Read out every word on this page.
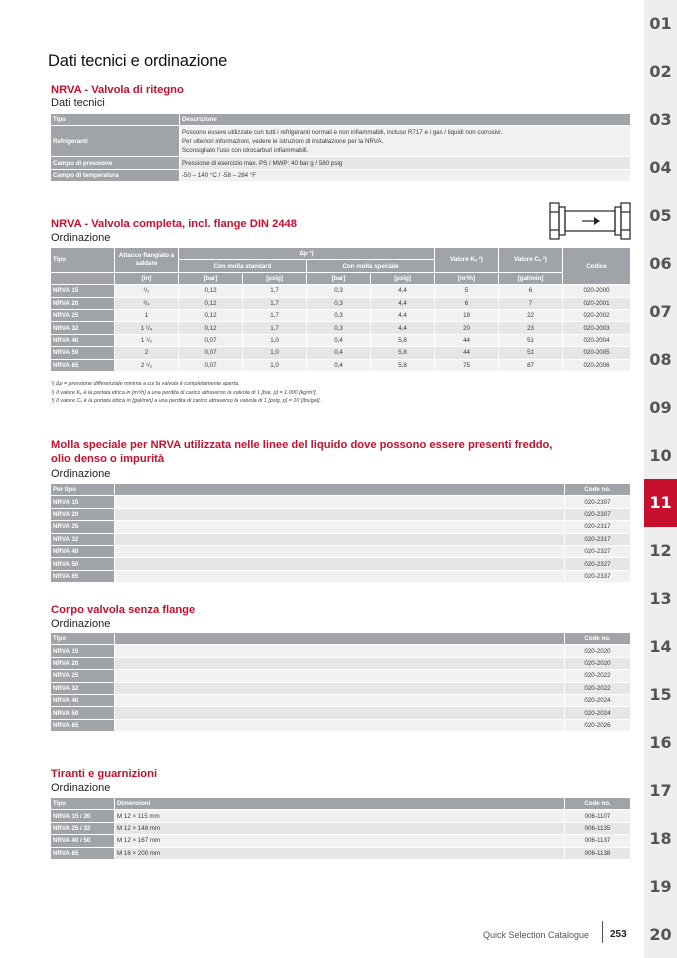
Dati tecnici e ordinazione
01
02
03
04
05
06
07
08
09
10
11
12
13
14
15
16
17
18
19
20
NRVA - Valvola di ritegno
Dati tecnici
Tipo	Descrizione
Refrigeranti	Possono essere utilizzate con tutti i refrigeranti normali e non infiammabili, incluso R717 e i gas / liquidi non corrosivi.
Per ulteriori informazioni, vedere le istruzioni di installazione per la NRVA.
Sconsigliato l'uso con idrocarburi infiammabili.

Campo di pressione	Pressione di esercizio max. PS / MWP: 40 bar g / 580 psig
Campo di temperatura	-50 – 140 °C / -58 – 284 °F
NRVA - Valvola completa, incl. flange DIN 2448
Ordinazione
Tipo	Attacco flangiato a saldare	Δp ¹)				Valore Kᵥ ²)	Valore Cᵥ ³)	Codice
		Con molla standard		Con molla speciale				
	[in]	[bar]	[psig]	[bar]	[psig]	[m³/h]	[gal/min]	
NRVA 15	¹/₂	0,12	1,7	0,3	4,4	5	6	020-2000
NRVA 20	³/₄	0,12	1,7	0,3	4,4	6	7	020-2001
NRVA 25	1	0,12	1,7	0,3	4,4	19	22	020-2002
NRVA 32	1 ¹/₄	0,12	1,7	0,3	4,4	20	23	020-2003
NRVA 40	1 ¹/₂	0,07	1,0	0,4	5,8	44	51	020-2004
NRVA 50	2	0,07	1,0	0,4	5,8	44	51	020-2005
NRVA 65	2 ¹/₂	0,07	1,0	0,4	5,8	75	87	020-2006
¹) Δp = pressione differenziale minima a cui la valvola è completamente aperta.
²) Il valore Kᵥ è la portata idrica in [m³/h] a una perdita di carico attraverso la valvola di 1 [bar, p] = 1.000 [kg/m³].
³) Il valore Cᵥ è la portata idrica in [gal/min] a una perdita di carico attraverso la valvola di 1 [psig, p] = 10 [lbs/gal].
Molla speciale per NRVA utilizzata nelle linee del liquido dove possono essere presenti freddo,
olio denso o impurità
Ordinazione
Per tipo		Code no.
NRVA 15		020-2307
NRVA 20		020-2307
NRVA 25		020-2317
NRVA 32		020-2317
NRVA 40		020-2327
NRVA 50		020-2327
NRVA 65		020-2337
Corpo valvola senza flange
Ordinazione
Tipo		Code no.
NRVA 15		020-2020
NRVA 20		020-2020
NRVA 25		020-2022
NRVA 32		020-2022
NRVA 40		020-2024
NRVA 50		020-2024
NRVA 65		020-2026
Tiranti e guarnizioni
Ordinazione
Tipo	Dimensioni	Code no.
NRVA 15 / 20	M 12 × 115 mm	006-1107
NRVA 25 / 32	M 12 × 148 mm	006-1135
NRVA 40 / 50	M 12 × 167 mm	006-1137
NRVA 65	M 16 × 200 mm	006-1138
Quick Selection Catalogue 253
